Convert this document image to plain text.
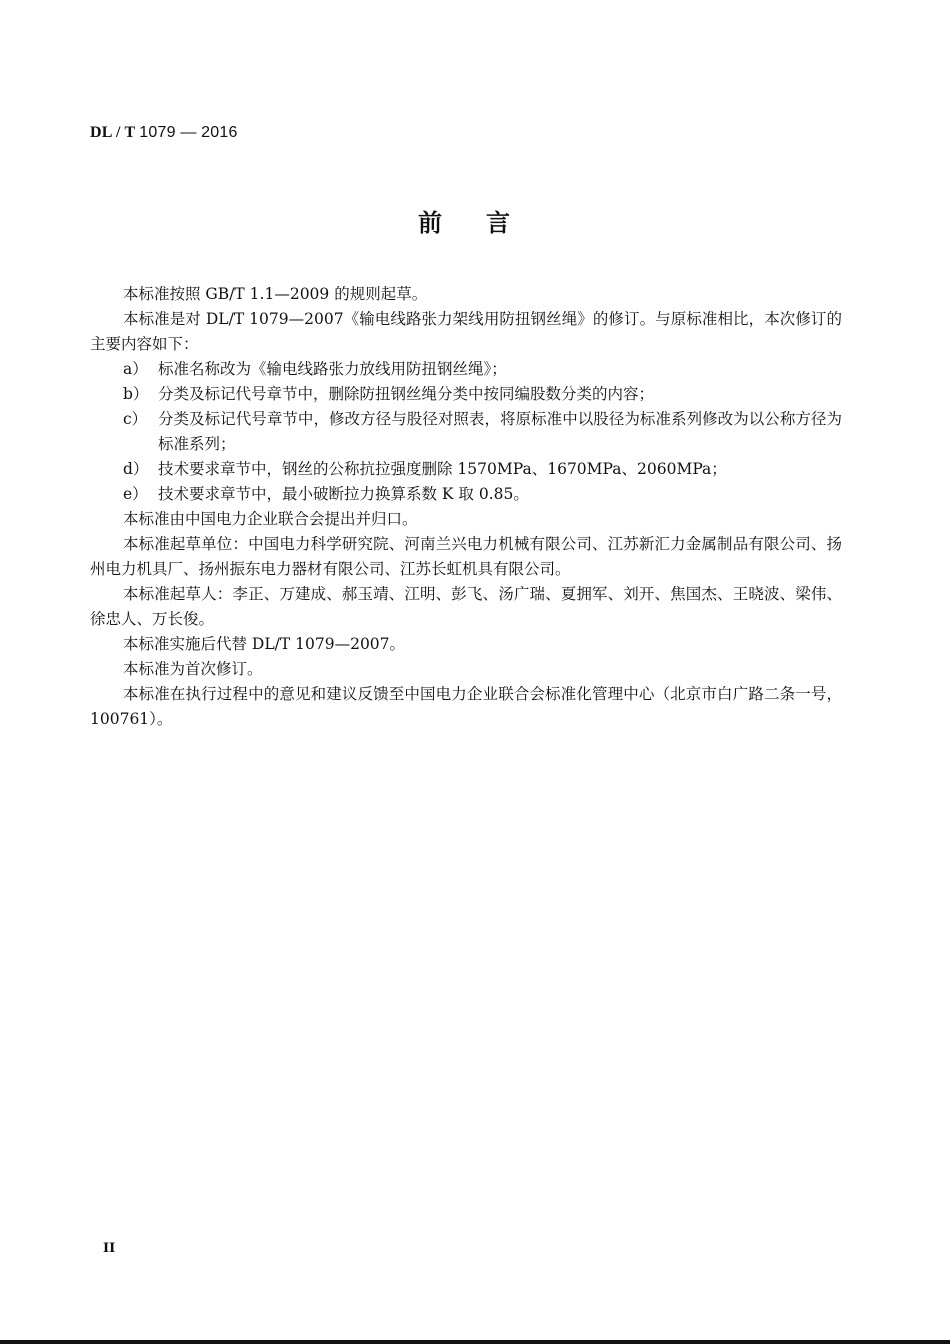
DL / T 1079 — 2016
前言

本标准按照 GB/T 1.1—2009 的规则起草。

本标准是对 DL/T 1079—2007《输电线路张力架线用防扭钢丝绳》的修订。与原标准相比，本次修订的主要内容如下：

a） 标准名称改为《输电线路张力放线用防扭钢丝绳》；
b） 分类及标记代号章节中，删除防扭钢丝绳分类中按同编股数分类的内容；
c） 分类及标记代号章节中，修改方径与股径对照表，将原标准中以股径为标准系列修改为以公称方径为标准系列；
d） 技术要求章节中，钢丝的公称抗拉强度删除 1570MPa、1670MPa、2060MPa；
e） 技术要求章节中，最小破断拉力换算系数 K 取 0.85。

本标准由中国电力企业联合会提出并归口。

本标准起草单位：中国电力科学研究院、河南兰兴电力机械有限公司、江苏新汇力金属制品有限公司、扬州电力机具厂、扬州振东电力器材有限公司、江苏长虹机具有限公司。

本标准起草人：李正、万建成、郝玉靖、江明、彭飞、汤广瑞、夏拥军、刘开、焦国杰、王晓波、梁伟、徐忠人、万长俊。

本标准实施后代替 DL/T 1079—2007。

本标准为首次修订。

本标准在执行过程中的意见和建议反馈至中国电力企业联合会标准化管理中心（北京市白广路二条一号，100761）。

II
